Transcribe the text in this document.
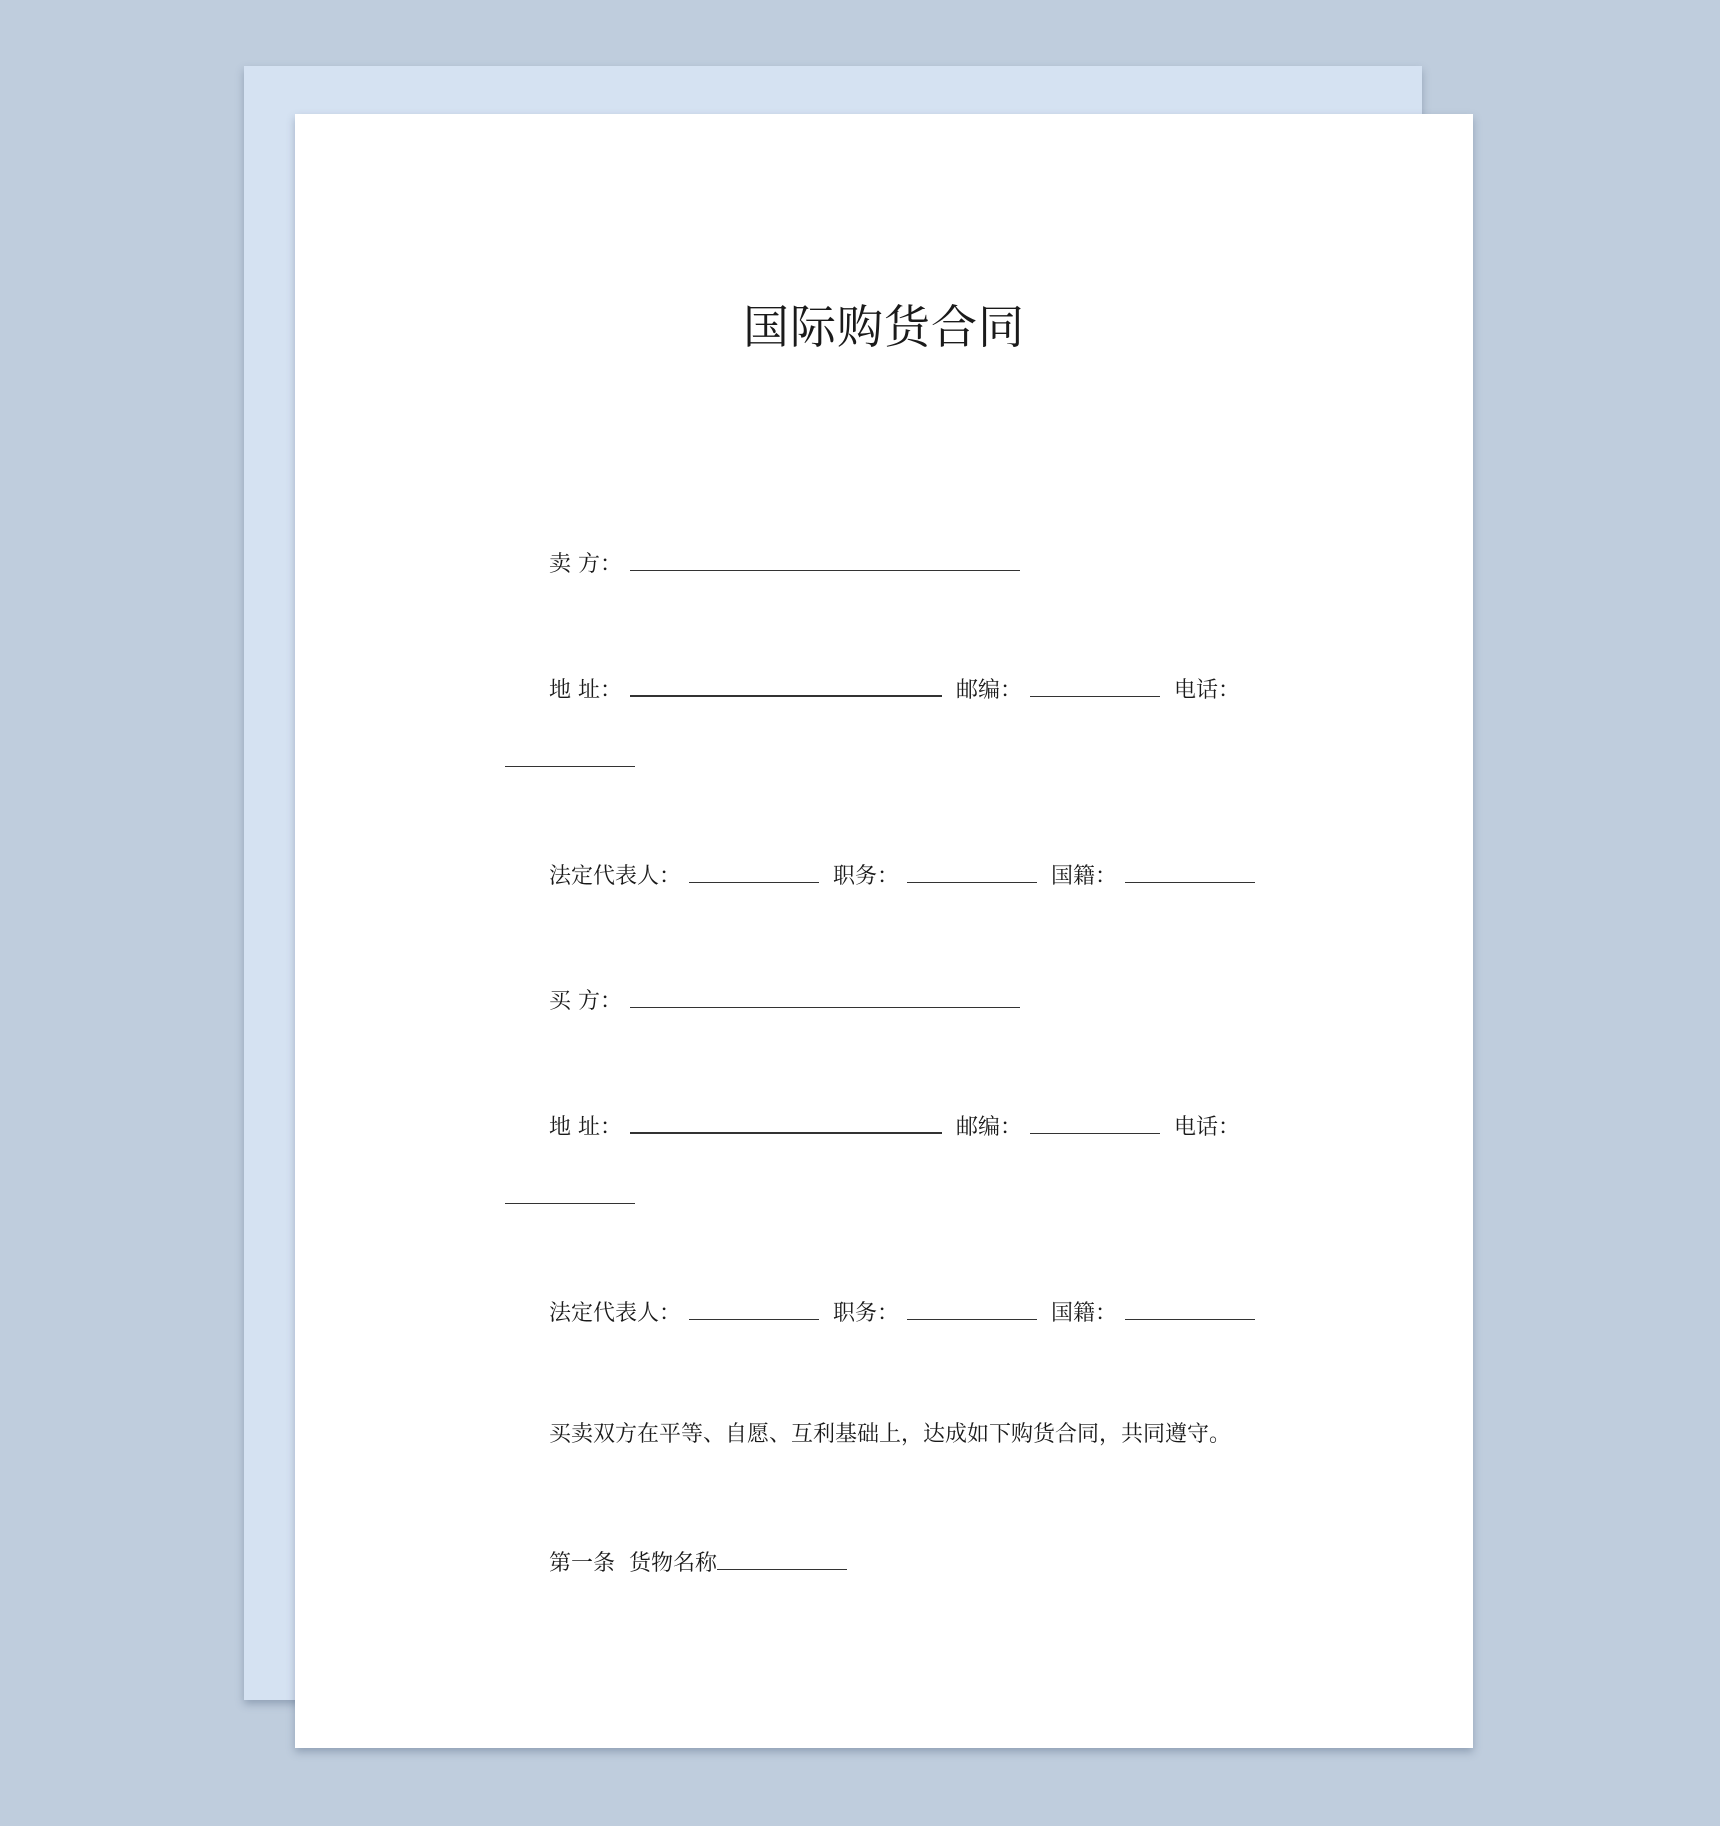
国际购货合同
卖 方：
地 址：	邮编：	电话：
法定代表人：	职务：	国籍：
买 方：
地 址：	邮编：	电话：
法定代表人：	职务：	国籍：
买卖双方在平等、自愿、互利基础上，达成如下购货合同，共同遵守。
第一条  货物名称
